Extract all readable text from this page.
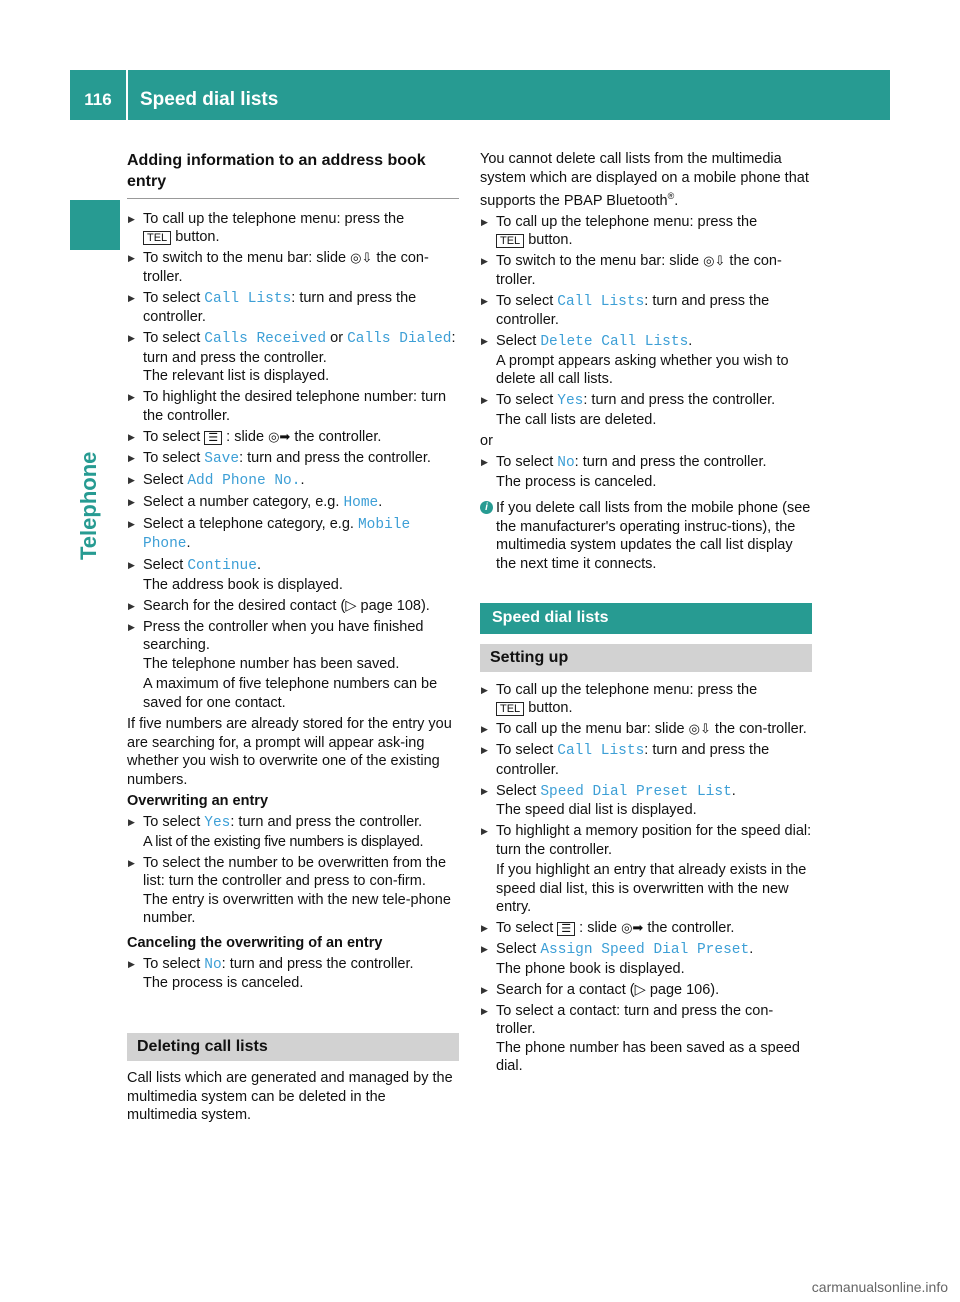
116	Speed dial lists
Telephone
Adding information to an address book entry
▶ To call up the telephone menu: press the
TEL button.
▶ To switch to the menu bar: slide ◎⇩ the con-troller.
▶ To select Call Lists: turn and press the controller.
▶ To select Calls Received or Calls Dialed:
turn and press the controller.
The relevant list is displayed.
▶ To highlight the desired telephone number: turn the controller.
▶ To select ☰ : slide ◎➡ the controller.
▶ To select Save: turn and press the controller.
▶ Select Add Phone No..
▶ Select a number category, e.g. Home.
▶ Select a telephone category, e.g. Mobile Phone.
▶ Select Continue.
The address book is displayed.
▶ Search for the desired contact (▷ page 108).
▶ Press the controller when you have finished searching.
The telephone number has been saved.
A maximum of five telephone numbers can be saved for one contact.
If five numbers are already stored for the entry you are searching for, a prompt will appear ask-ing whether you wish to overwrite one of the existing numbers.
Overwriting an entry
▶ To select Yes: turn and press the controller.
A list of the existing five numbers is displayed.
▶ To select the number to be overwritten from the list: turn the controller and press to con-firm.
The entry is overwritten with the new tele-phone number.
Canceling the overwriting of an entry
▶ To select No: turn and press the controller.
The process is canceled.
Deleting call lists
Call lists which are generated and managed by the multimedia system can be deleted in the multimedia system.
You cannot delete call lists from the multimedia system which are displayed on a mobile phone that supports the PBAP Bluetooth®.
▶ To call up the telephone menu: press the
TEL button.
▶ To switch to the menu bar: slide ◎⇩ the con-troller.
▶ To select Call Lists: turn and press the controller.
▶ Select Delete Call Lists.
A prompt appears asking whether you wish to delete all call lists.
▶ To select Yes: turn and press the controller.
The call lists are deleted.
or
▶ To select No: turn and press the controller.
The process is canceled.
i If you delete call lists from the mobile phone (see the manufacturer's operating instruc-tions), the multimedia system updates the call list display the next time it connects.
Speed dial lists
Setting up
▶ To call up the telephone menu: press the
TEL button.
▶ To call up the menu bar: slide ◎⇩ the con-troller.
▶ To select Call Lists: turn and press the controller.
▶ Select Speed Dial Preset List.
The speed dial list is displayed.
▶ To highlight a memory position for the speed dial: turn the controller.
If you highlight an entry that already exists in the speed dial list, this is overwritten with the new entry.
▶ To select ☰ : slide ◎➡ the controller.
▶ Select Assign Speed Dial Preset.
The phone book is displayed.
▶ Search for a contact (▷ page 106).
▶ To select a contact: turn and press the con-troller.
The phone number has been saved as a speed dial.
carmanualsonline.info
